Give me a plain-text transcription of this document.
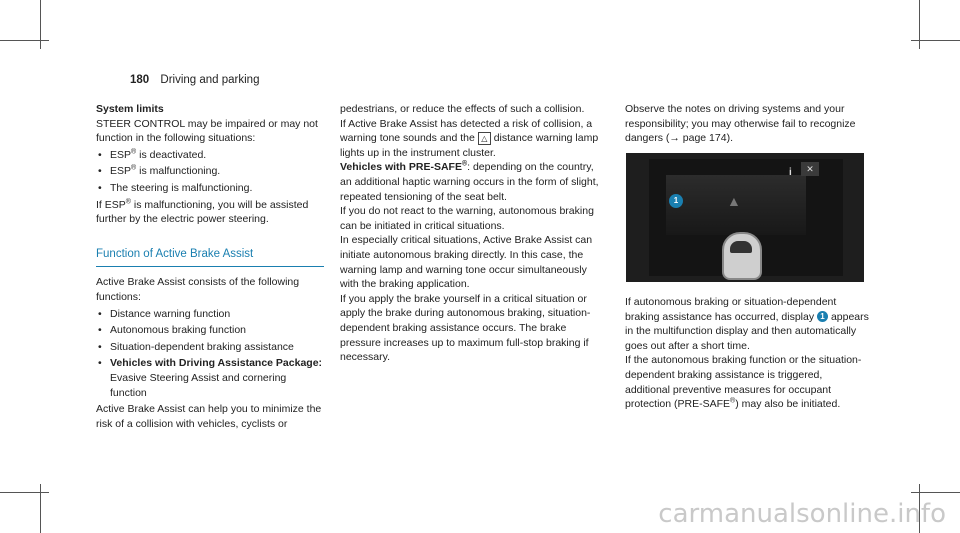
180 Driving and parking

System limits

STEER CONTROL may be impaired or may not function in the following situations:

• ESP® is deactivated.
• ESP® is malfunctioning.
• The steering is malfunctioning.

If ESP® is malfunctioning, you will be assisted further by the electric power steering.

Function of Active Brake Assist

Active Brake Assist consists of the following functions:

• Distance warning function
• Autonomous braking function
• Situation-dependent braking assistance
• Vehicles with Driving Assistance Package: Evasive Steering Assist and cornering function

Active Brake Assist can help you to minimize the risk of a collision with vehicles, cyclists or

pedestrians, or reduce the effects of such a collision.

If Active Brake Assist has detected a risk of collision, a warning tone sounds and the △ distance warning lamp lights up in the instrument cluster.

Vehicles with PRE-SAFE®: depending on the country, an additional haptic warning occurs in the form of slight, repeated tensioning of the seat belt.

If you do not react to the warning, autonomous braking can be initiated in critical situations.

In especially critical situations, Active Brake Assist can initiate autonomous braking directly. In this case, the warning lamp and warning tone occur simultaneously with the braking application.

If you apply the brake yourself in a critical situation or apply the brake during autonomous braking, situation-dependent braking assistance occurs. The brake pressure increases up to maximum full-stop braking if necessary.

Observe the notes on driving systems and your responsibility; you may otherwise fail to recognize dangers (→ page 174).

▲
i	✕
1

If autonomous braking or situation-dependent braking assistance has occurred, display 1 appears in the multifunction display and then automatically goes out after a short time.

If the autonomous braking function or the situation-dependent braking assistance is triggered, additional preventive measures for occupant protection (PRE-SAFE®) may also be initiated.

carmanualsonline.info
